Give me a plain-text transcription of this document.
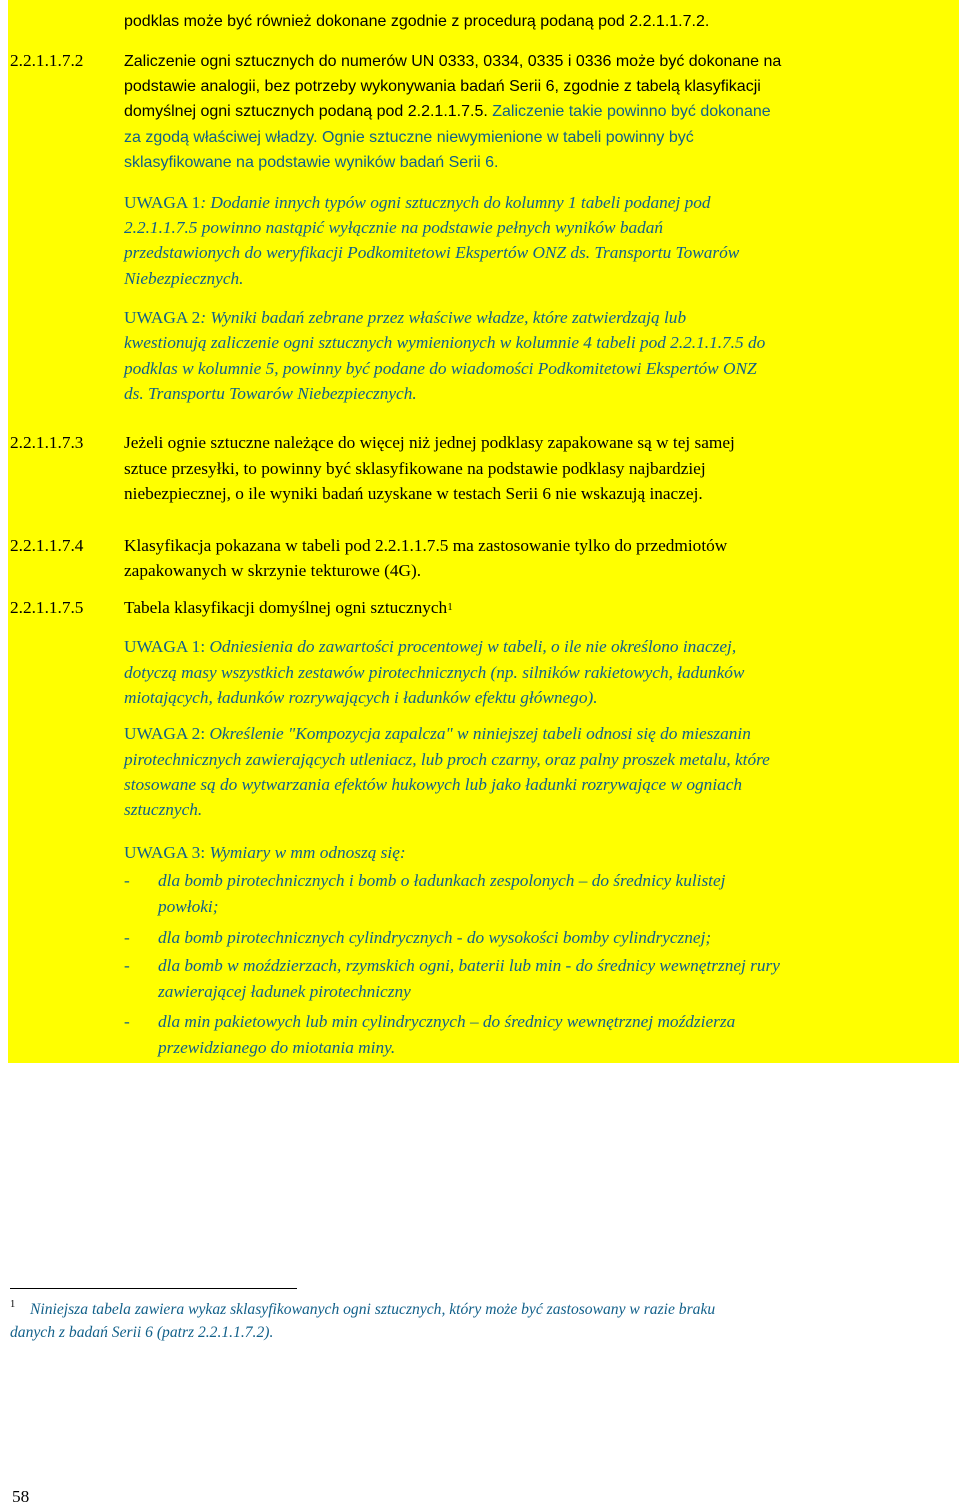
podklas może być również dokonane zgodnie z procedurą podaną pod 2.2.1.1.7.2.
2.2.1.1.7.2	Zaliczenie ogni sztucznych do numerów UN 0333, 0334, 0335 i 0336 może być dokonane na
podstawie analogii, bez potrzeby wykonywania badań Serii 6, zgodnie z tabelą klasyfikacji
domyślnej ogni sztucznych podaną pod 2.2.1.1.7.5. Zaliczenie takie powinno być dokonane
za zgodą właściwej władzy. Ognie sztuczne niewymienione w tabeli powinny być
sklasyfikowane na podstawie wyników badań Serii 6.
UWAGA 1: Dodanie innych typów ogni sztucznych do kolumny 1 tabeli podanej pod
2.2.1.1.7.5 powinno nastąpić wyłącznie na podstawie pełnych wyników badań
przedstawionych do weryfikacji Podkomitetowi Ekspertów ONZ ds. Transportu Towarów
Niebezpiecznych.
UWAGA 2: Wyniki badań zebrane przez właściwe władze, które zatwierdzają lub
kwestionują zaliczenie ogni sztucznych wymienionych w kolumnie 4 tabeli pod 2.2.1.1.7.5 do
podklas w kolumnie 5, powinny być podane do wiadomości Podkomitetowi Ekspertów ONZ
ds. Transportu Towarów Niebezpiecznych.
2.2.1.1.7.3 Jeżeli ognie sztuczne należące do więcej niż jednej podklasy zapakowane są w tej samej
sztuce przesyłki, to powinny być sklasyfikowane na podstawie podklasy najbardziej
niebezpiecznej, o ile wyniki badań uzyskane w testach Serii 6 nie wskazują inaczej.
2.2.1.1.7.4 Klasyfikacja pokazana w tabeli pod 2.2.1.1.7.5 ma zastosowanie tylko do przedmiotów
zapakowanych w skrzynie tekturowe (4G).
2.2.1.1.7.5 Tabela klasyfikacji domyślnej ogni sztucznych$^1$
UWAGA 1: Odniesienia do zawartości procentowej w tabeli, o ile nie określono inaczej,
dotyczą masy wszystkich zestawów pirotechnicznych (np. silników rakietowych, ładunków
miotających, ładunków rozrywających i ładunków efektu głównego).
UWAGA 2: Określenie "Kompozycja zapalcza" w niniejszej tabeli odnosi się do mieszanin
pirotechnicznych zawierających utleniacz, lub proch czarny, oraz palny proszek metalu, które
stosowane są do wytwarzania efektów hukowych lub jako ładunki rozrywające w ogniach
sztucznych.
UWAGA 3: Wymiary w mm odnoszą się:
- dla bomb pirotechnicznych i bomb o ładunkach zespolonych – do średnicy kulistej
powłoki;
- dla bomb pirotechnicznych cylindrycznych - do wysokości bomby cylindrycznej;
- dla bomb w moździerzach, rzymskich ogni, baterii lub min - do średnicy wewnętrznej rury
zawierającej ładunek pirotechniczny
- dla min pakietowych lub min cylindrycznych – do średnicy wewnętrznej moździerza
przewidzianego do miotania miny.
1 Niniejsza tabela zawiera wykaz sklasyfikowanych ogni sztucznych, który może być zastosowany w razie braku
danych z badań Serii 6 (patrz 2.2.1.1.7.2).
58
